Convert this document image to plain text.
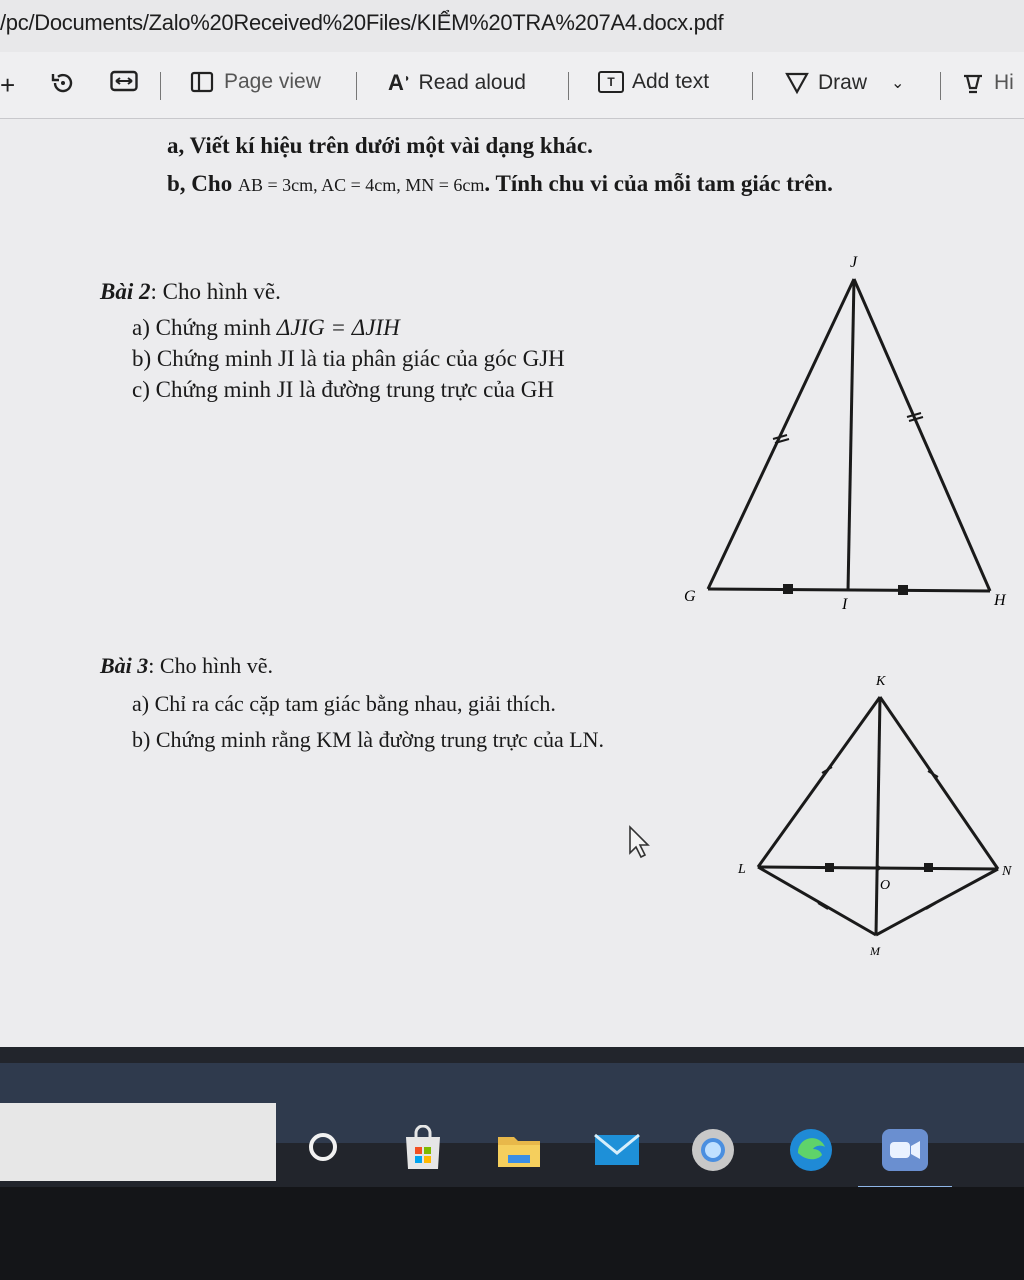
/pc/Documents/Zalo%20Received%20Files/KIỂM%20TRA%207A4.docx.pdf
+	Page view	A◗ Read aloud	T Add text	Draw ⌄	Hi
a, Viết kí hiệu trên dưới một vài dạng khác.
b, Cho AB = 3cm, AC = 4cm, MN = 6cm. Tính chu vi của mỗi tam giác trên.
Bài 2: Cho hình vẽ.
a) Chứng minh ΔJIG = ΔJIH
b) Chứng minh JI là tia phân giác của góc GJH
c) Chứng minh JI là đường trung trực của GH
J
G	I	H
Bài 3: Cho hình vẽ.
a) Chỉ ra các cặp tam giác bằng nhau, giải thích.
b) Chứng minh rằng KM là đường trung trực của LN.
K
L
O
N
M
